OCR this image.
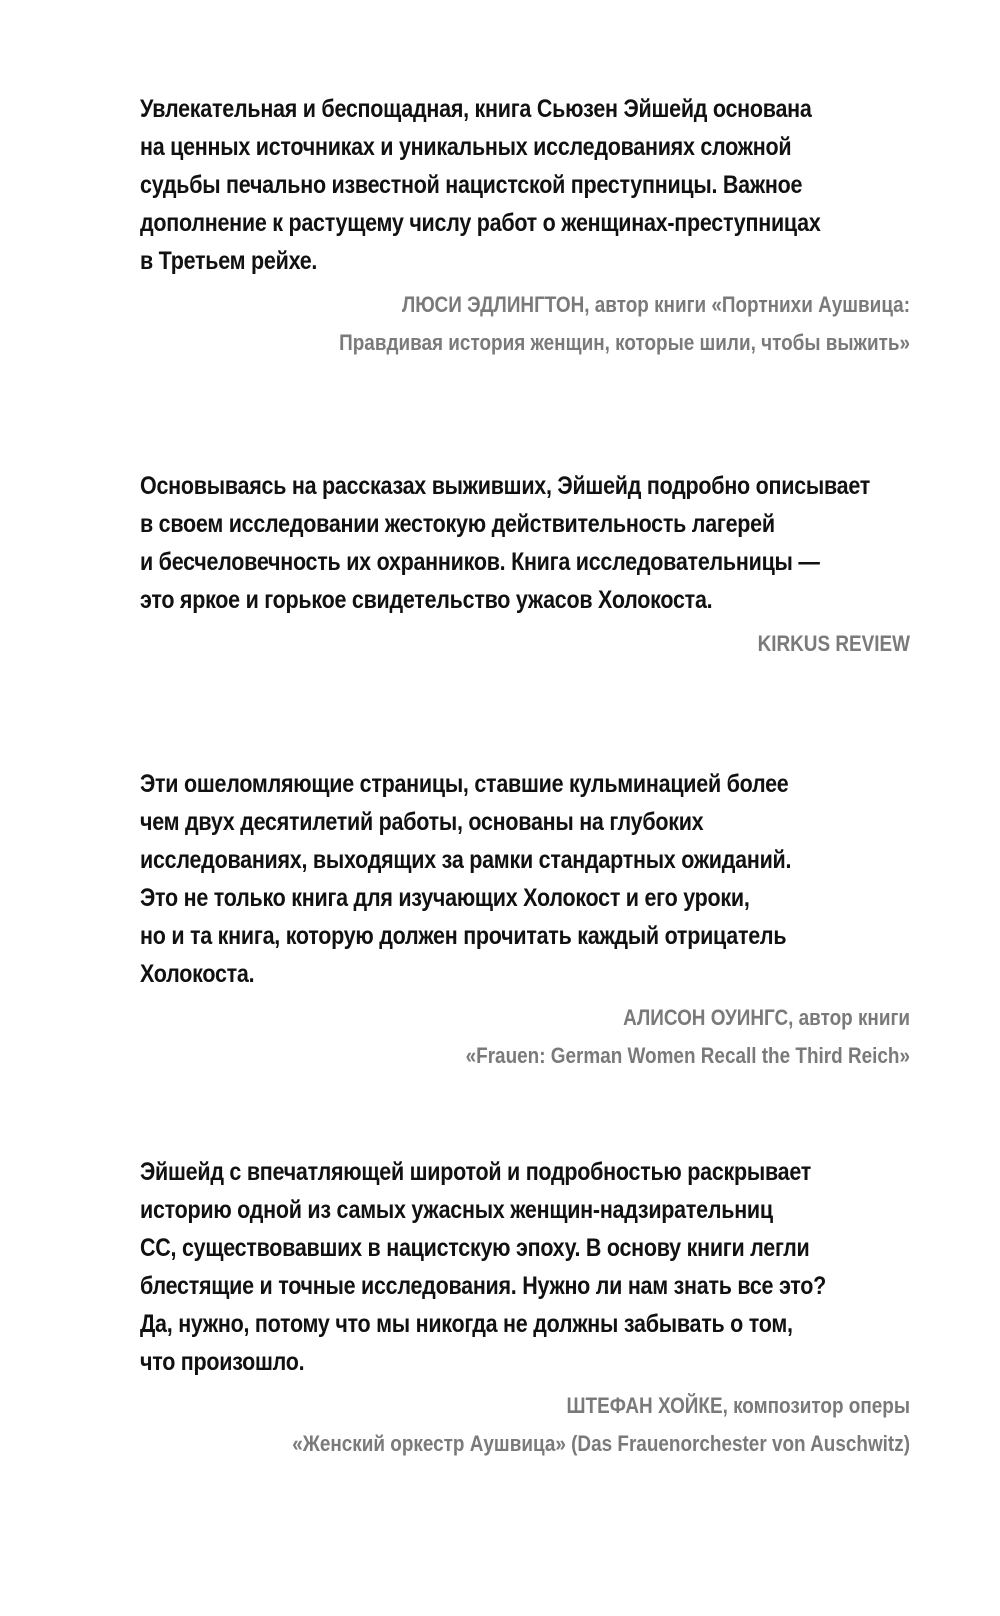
Увлекательная и беспощадная, книга Сьюзен Эйшейд основана
на ценных источниках и уникальных исследованиях сложной
судьбы печально известной нацистской преступницы. Важное
дополнение к растущему числу работ о женщинах-преступницах
в Третьем рейхе.
ЛЮСИ ЭДЛИНГТОН, автор книги «Портнихи Аушвица:
Правдивая история женщин, которые шили, чтобы выжить»
Основываясь на рассказах выживших, Эйшейд подробно описывает
в своем исследовании жестокую действительность лагерей
и бесчеловечность их охранников. Книга исследовательницы —
это яркое и горькое свидетельство ужасов Холокоста.
KIRKUS REVIEW
Эти ошеломляющие страницы, ставшие кульминацией более
чем двух десятилетий работы, основаны на глубоких
исследованиях, выходящих за рамки стандартных ожиданий.
Это не только книга для изучающих Холокост и его уроки,
но и та книга, которую должен прочитать каждый отрицатель
Холокоста.
АЛИСОН ОУИНГС, автор книги
«Frauen: German Women Recall the Third Reich»
Эйшейд с впечатляющей широтой и подробностью раскрывает
историю одной из самых ужасных женщин-надзирательниц
СС, существовавших в нацистскую эпоху. В основу книги легли
блестящие и точные исследования. Нужно ли нам знать все это?
Да, нужно, потому что мы никогда не должны забывать о том,
что произошло.
ШТЕФАН ХОЙКЕ, композитор оперы
«Женский оркестр Аушвица» (Das Frauenorchester von Auschwitz)
